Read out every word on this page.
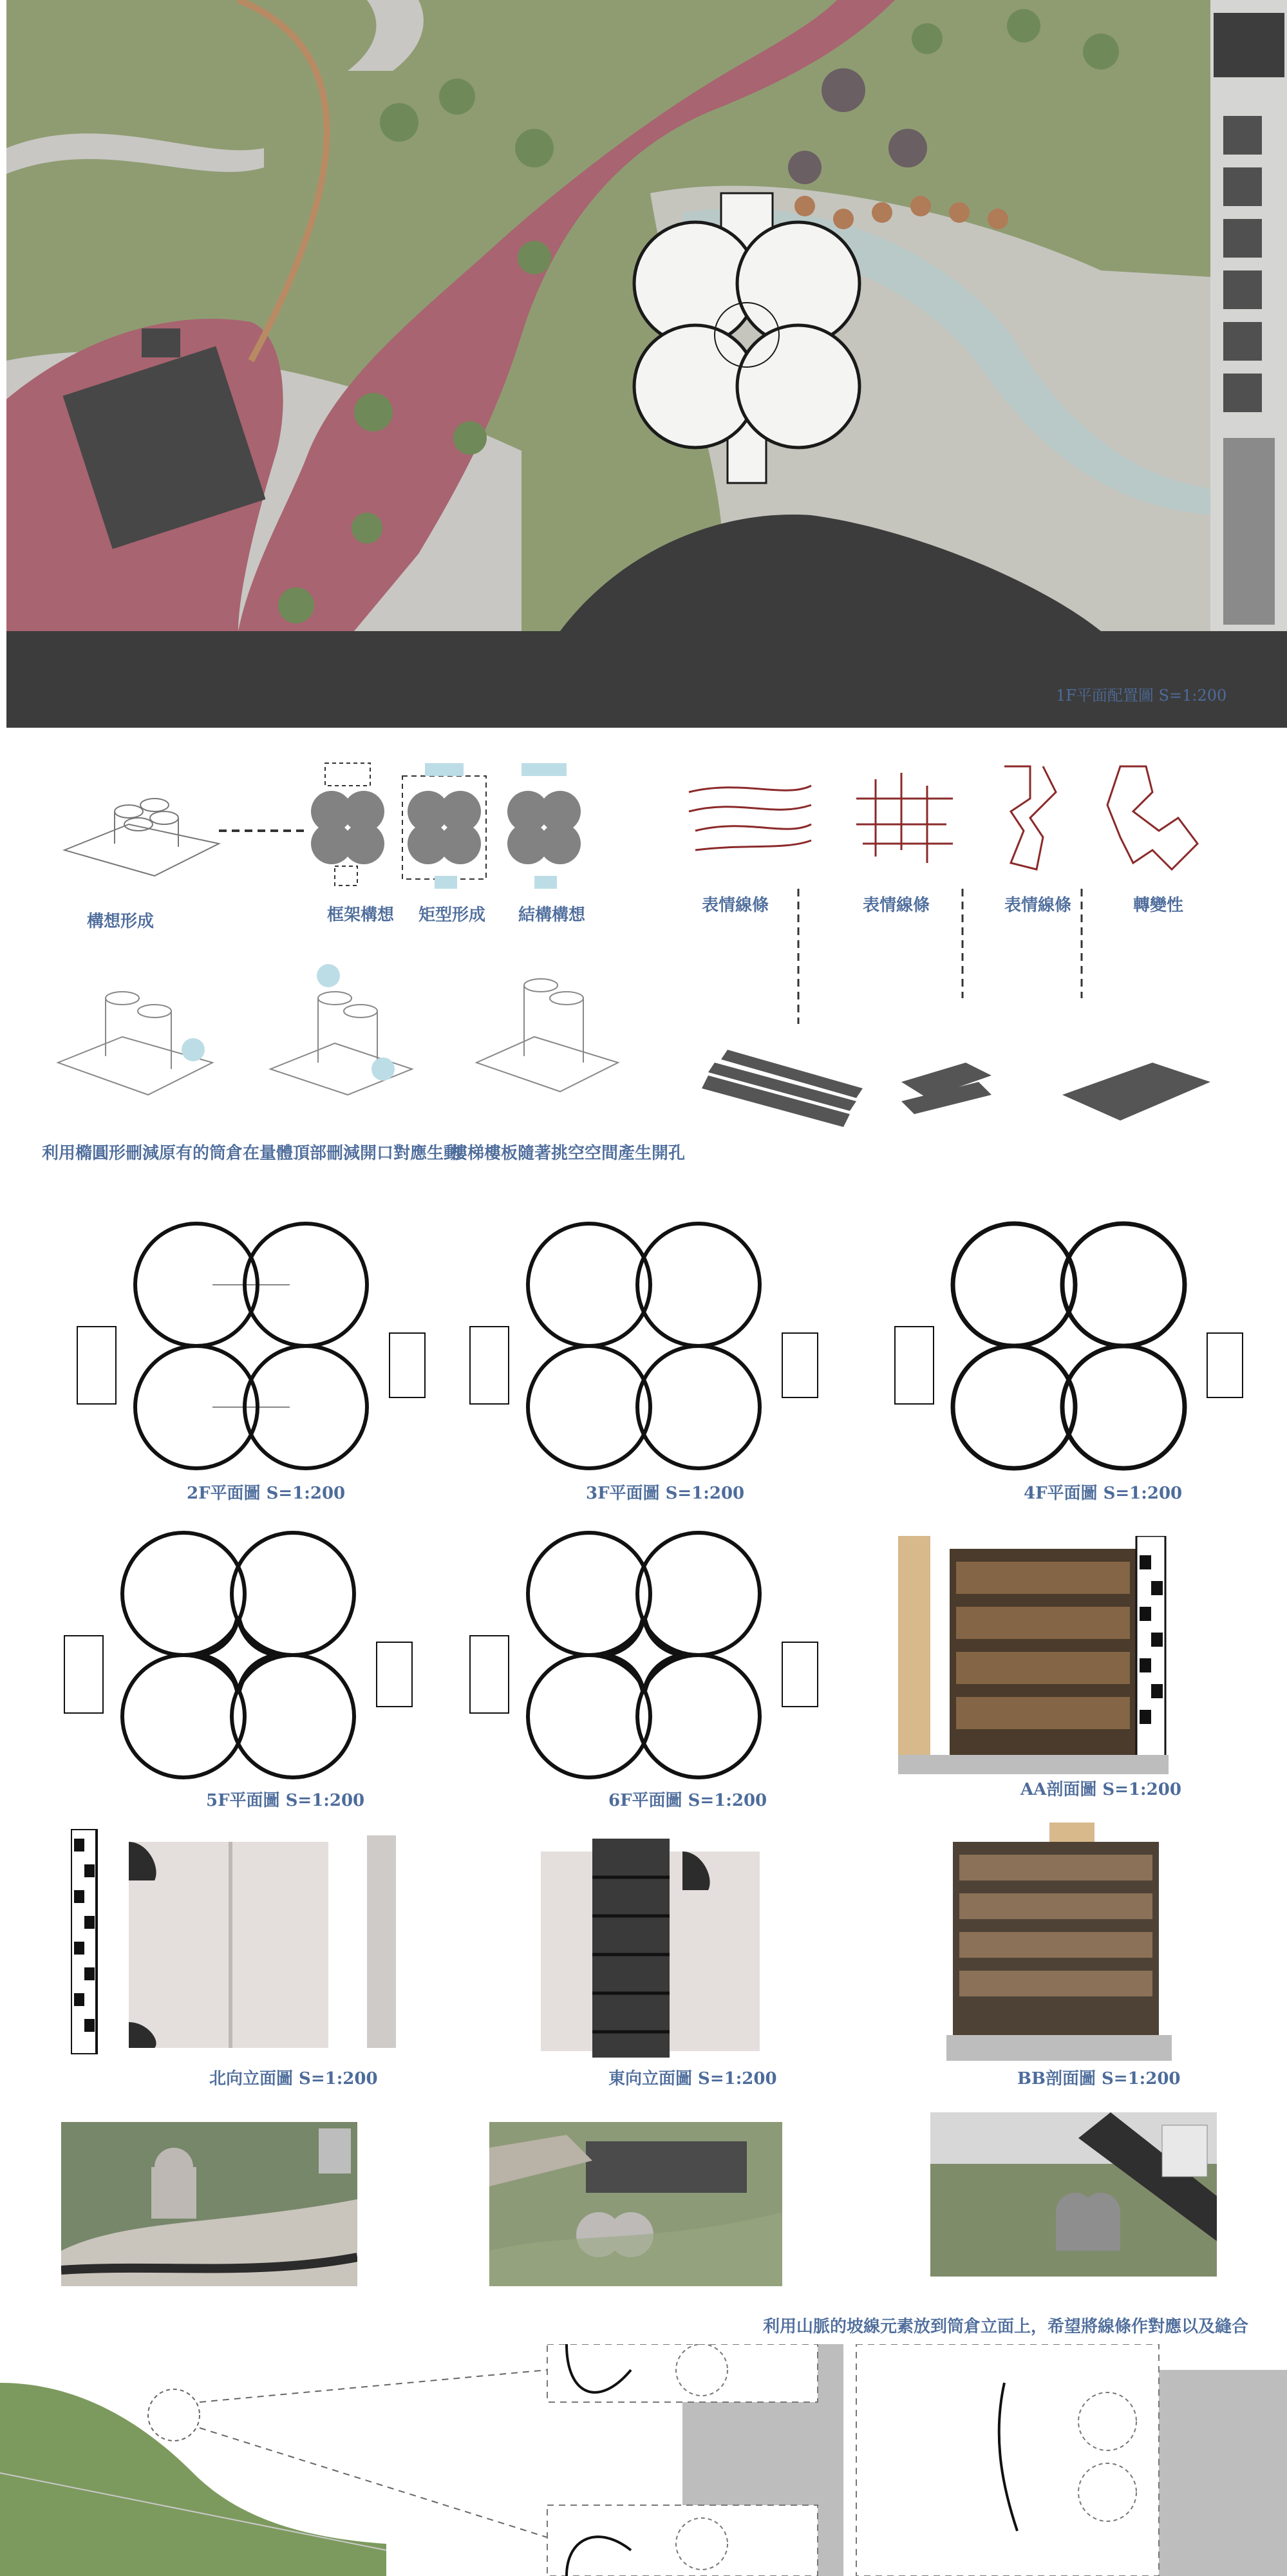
1F平面配置圖 S=1:200
構想形成	框架構想 矩型形成 結構構想	表情線條	表情線條	表情線條	轉變性
利用橢圓形刪減原有的筒倉在量體頂部刪減開口對應生動
樓梯樓板隨著挑空空間產生開孔
2F平面圖 S=1:200	3F平面圖 S=1:200	4F平面圖 S=1:200
5F平面圖 S=1:200	6F平面圖 S=1:200
AA剖面圖 S=1:200
北向立面圖 S=1:200	東向立面圖 S=1:200	BB剖面圖 S=1:200
利用山脈的坡線元素放到筒倉立面上，希望將線條作對應以及縫合
